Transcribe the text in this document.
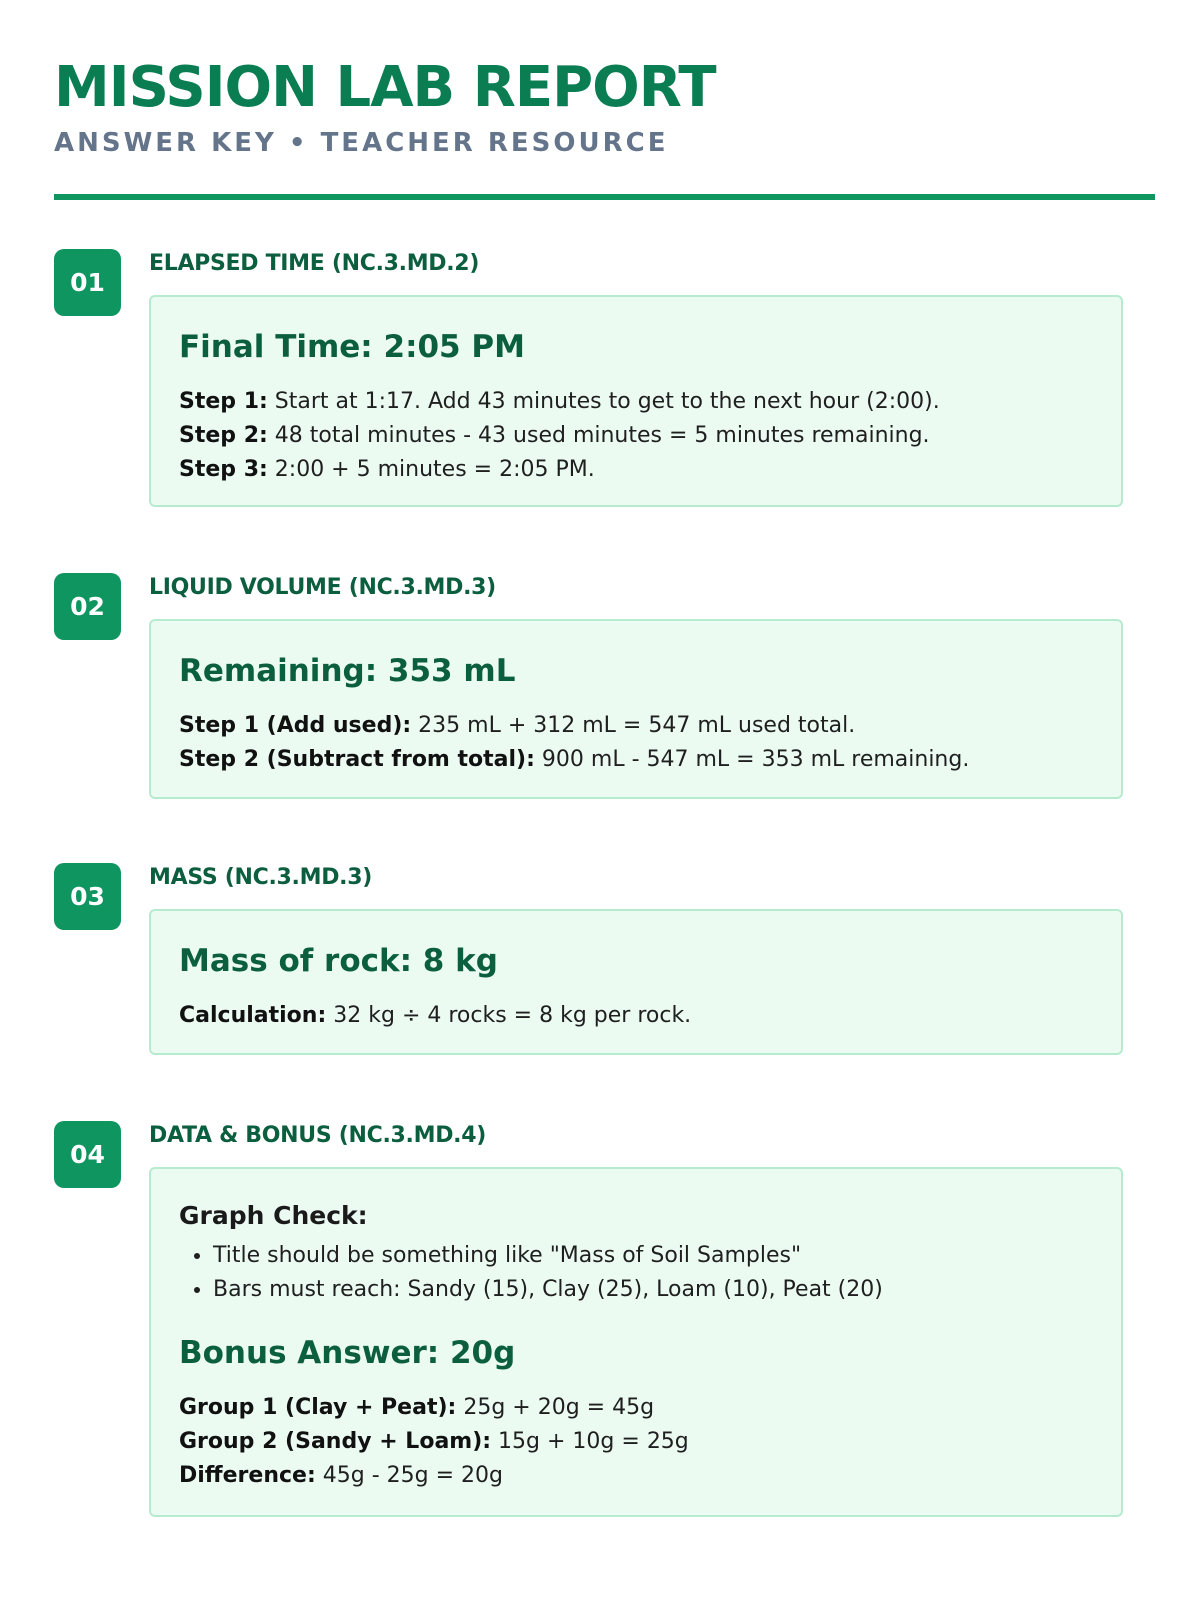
MISSION LAB REPORT
ANSWER KEY • TEACHER RESOURCE
01
ELAPSED TIME (NC.3.MD.2)
Final Time: 2:05 PM
Step 1: Start at 1:17. Add 43 minutes to get to the next hour (2:00).
Step 2: 48 total minutes - 43 used minutes = 5 minutes remaining.
Step 3: 2:00 + 5 minutes = 2:05 PM.
02
LIQUID VOLUME (NC.3.MD.3)
Remaining: 353 mL
Step 1 (Add used): 235 mL + 312 mL = 547 mL used total.
Step 2 (Subtract from total): 900 mL - 547 mL = 353 mL remaining.
03
MASS (NC.3.MD.3)
Mass of rock: 8 kg
Calculation: 32 kg ÷ 4 rocks = 8 kg per rock.
04
DATA & BONUS (NC.3.MD.4)
Graph Check:
• Title should be something like "Mass of Soil Samples"
• Bars must reach: Sandy (15), Clay (25), Loam (10), Peat (20)
Bonus Answer: 20g
Group 1 (Clay + Peat): 25g + 20g = 45g
Group 2 (Sandy + Loam): 15g + 10g = 25g
Difference: 45g - 25g = 20g
